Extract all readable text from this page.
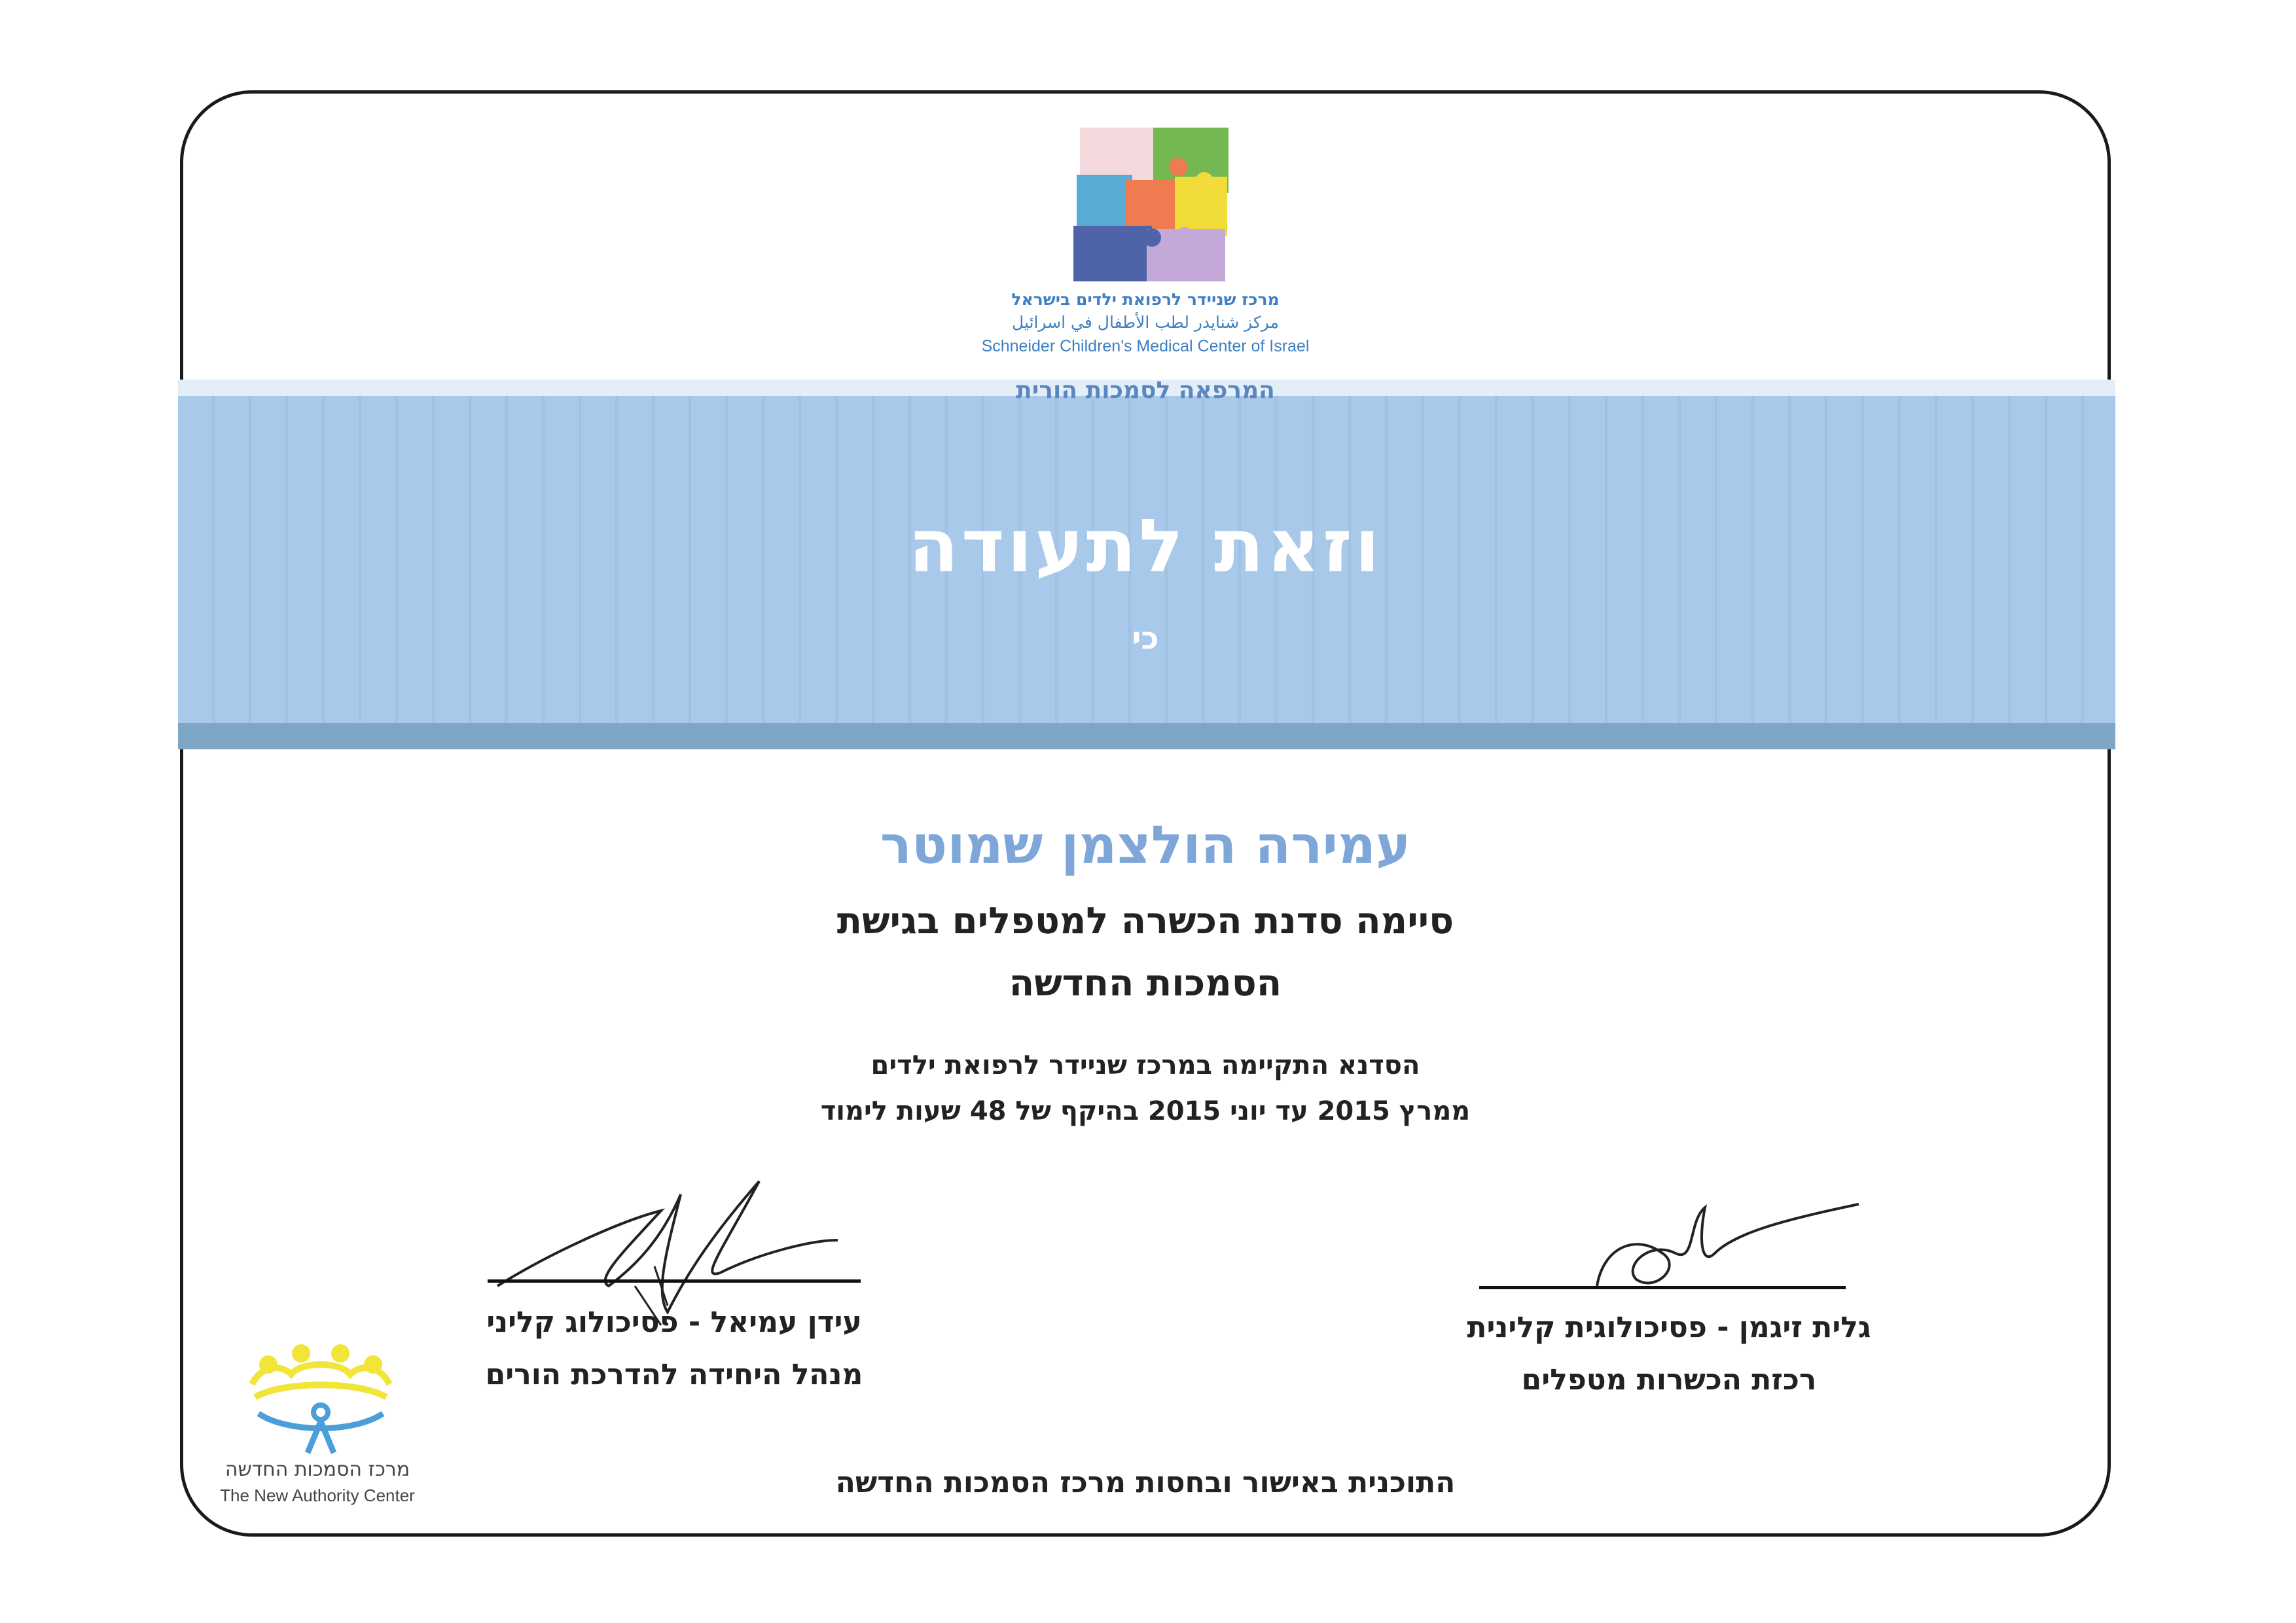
מרכז שניידר לרפואת ילדים בישראל
مركز شنايدر لطب الأطفال في اسرائيل
Schneider Children's Medical Center of Israel
המרפאה לסמכות הורית
וזאת לתעודה
כי
עמירה הולצמן שמוטר
סיימה סדנת הכשרה למטפלים בגישת
הסמכות החדשה
הסדנא התקיימה במרכז שניידר לרפואת ילדים
ממרץ 2015 עד יוני 2015 בהיקף של 48 שעות לימוד
עידן עמיאל - פסיכולוג קליני
מנהל היחידה להדרכת הורים
גלית זיגמן - פסיכולוגית קלינית
רכזת הכשרות מטפלים
מרכז הסמכות החדשה
The New Authority Center	התוכנית באישור ובחסות מרכז הסמכות החדשה
